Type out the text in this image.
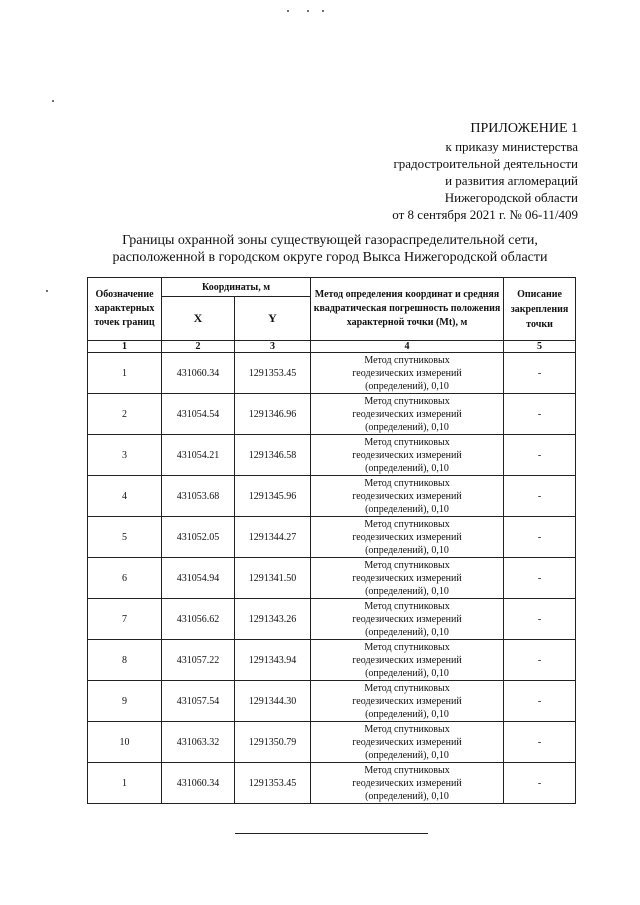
ПРИЛОЖЕНИЕ 1
к приказу министерства
градостроительной деятельности
и развития агломераций
Нижегородской области
от 8 сентября 2021 г. № 06-11/409
Границы охранной зоны существующей газораспределительной сети,
расположенной в городском округе город Выкса Нижегородской области
Обозначение характерных точек границ	Координаты, м		Метод определения координат и средняя квадратическая погрешность положения характерной точки (Mt), м	Описание закрепления точки
	X	Y		
1	2	3	4	5
1	431060.34	1291353.45	Метод спутниковых
геодезических измерений
(определений), 0,10	-
2	431054.54	1291346.96	Метод спутниковых
геодезических измерений
(определений), 0,10	-
3	431054.21	1291346.58	Метод спутниковых
геодезических измерений
(определений), 0,10	-
4	431053.68	1291345.96	Метод спутниковых
геодезических измерений
(определений), 0,10	-
5	431052.05	1291344.27	Метод спутниковых
геодезических измерений
(определений), 0,10	-
6	431054.94	1291341.50	Метод спутниковых
геодезических измерений
(определений), 0,10	-
7	431056.62	1291343.26	Метод спутниковых
геодезических измерений
(определений), 0,10	-
8	431057.22	1291343.94	Метод спутниковых
геодезических измерений
(определений), 0,10	-
9	431057.54	1291344.30	Метод спутниковых
геодезических измерений
(определений), 0,10	-
10	431063.32	1291350.79	Метод спутниковых
геодезических измерений
(определений), 0,10	-
1	431060.34	1291353.45	Метод спутниковых
геодезических измерений
(определений), 0,10	-
